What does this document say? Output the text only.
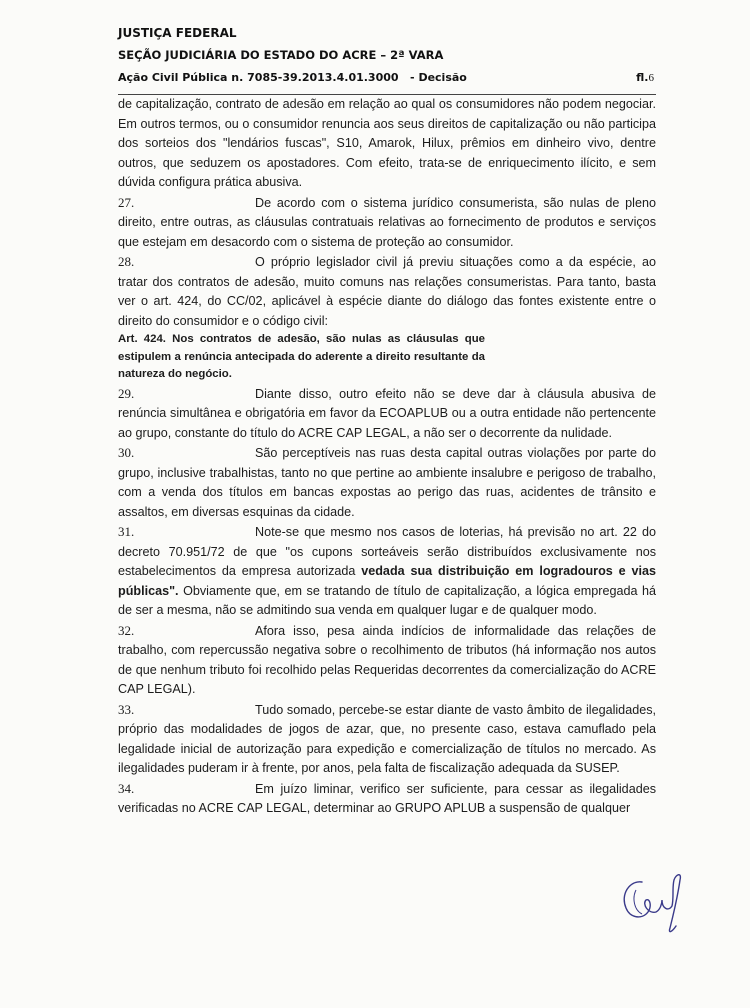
JUSTIÇA FEDERAL
SEÇÃO JUDICIÁRIA DO ESTADO DO ACRE – 2ª VARA
Ação Civil Pública n. 7085-39.2013.4.01.3000 - Decisão	fl.6

de capitalização, contrato de adesão em relação ao qual os consumidores não podem negociar. Em outros termos, ou o consumidor renuncia aos seus direitos de capitalização ou não participa dos sorteios dos "lendários fuscas", S10, Amarok, Hilux, prêmios em dinheiro vivo, dentre outros, que seduzem os apostadores. Com efeito, trata-se de enriquecimento ilícito, e sem dúvida configura prática abusiva.

27.	De acordo com o sistema jurídico consumerista, são nulas de pleno direito, entre outras, as cláusulas contratuais relativas ao fornecimento de produtos e serviços que estejam em desacordo com o sistema de proteção ao consumidor.

28.	O próprio legislador civil já previu situações como a da espécie, ao tratar dos contratos de adesão, muito comuns nas relações consumeristas. Para tanto, basta ver o art. 424, do CC/02, aplicável à espécie diante do diálogo das fontes existente entre o direito do consumidor e o código civil:

Art. 424. Nos contratos de adesão, são nulas as cláusulas que estipulem a renúncia antecipada do aderente a direito resultante da natureza do negócio.

29.	Diante disso, outro efeito não se deve dar à cláusula abusiva de renúncia simultânea e obrigatória em favor da ECOAPLUB ou a outra entidade não pertencente ao grupo, constante do título do ACRE CAP LEGAL, a não ser o decorrente da nulidade.

30.	São perceptíveis nas ruas desta capital outras violações por parte do grupo, inclusive trabalhistas, tanto no que pertine ao ambiente insalubre e perigoso de trabalho, com a venda dos títulos em bancas expostas ao perigo das ruas, acidentes de trânsito e assaltos, em diversas esquinas da cidade.

31.	Note-se que mesmo nos casos de loterias, há previsão no art. 22 do decreto 70.951/72 de que "os cupons sorteáveis serão distribuídos exclusivamente nos estabelecimentos da empresa autorizada vedada sua distribuição em logradouros e vias públicas". Obviamente que, em se tratando de título de capitalização, a lógica empregada há de ser a mesma, não se admitindo sua venda em qualquer lugar e de qualquer modo.

32.	Afora isso, pesa ainda indícios de informalidade das relações de trabalho, com repercussão negativa sobre o recolhimento de tributos (há informação nos autos de que nenhum tributo foi recolhido pelas Requeridas decorrentes da comercialização do ACRE CAP LEGAL).

33.	Tudo somado, percebe-se estar diante de vasto âmbito de ilegalidades, próprio das modalidades de jogos de azar, que, no presente caso, estava camuflado pela legalidade inicial de autorização para expedição e comercialização de títulos no mercado. As ilegalidades puderam ir à frente, por anos, pela falta de fiscalização adequada da SUSEP.

34.	Em juízo liminar, verifico ser suficiente, para cessar as ilegalidades verificadas no ACRE CAP LEGAL, determinar ao GRUPO APLUB a suspensão de qualquer
